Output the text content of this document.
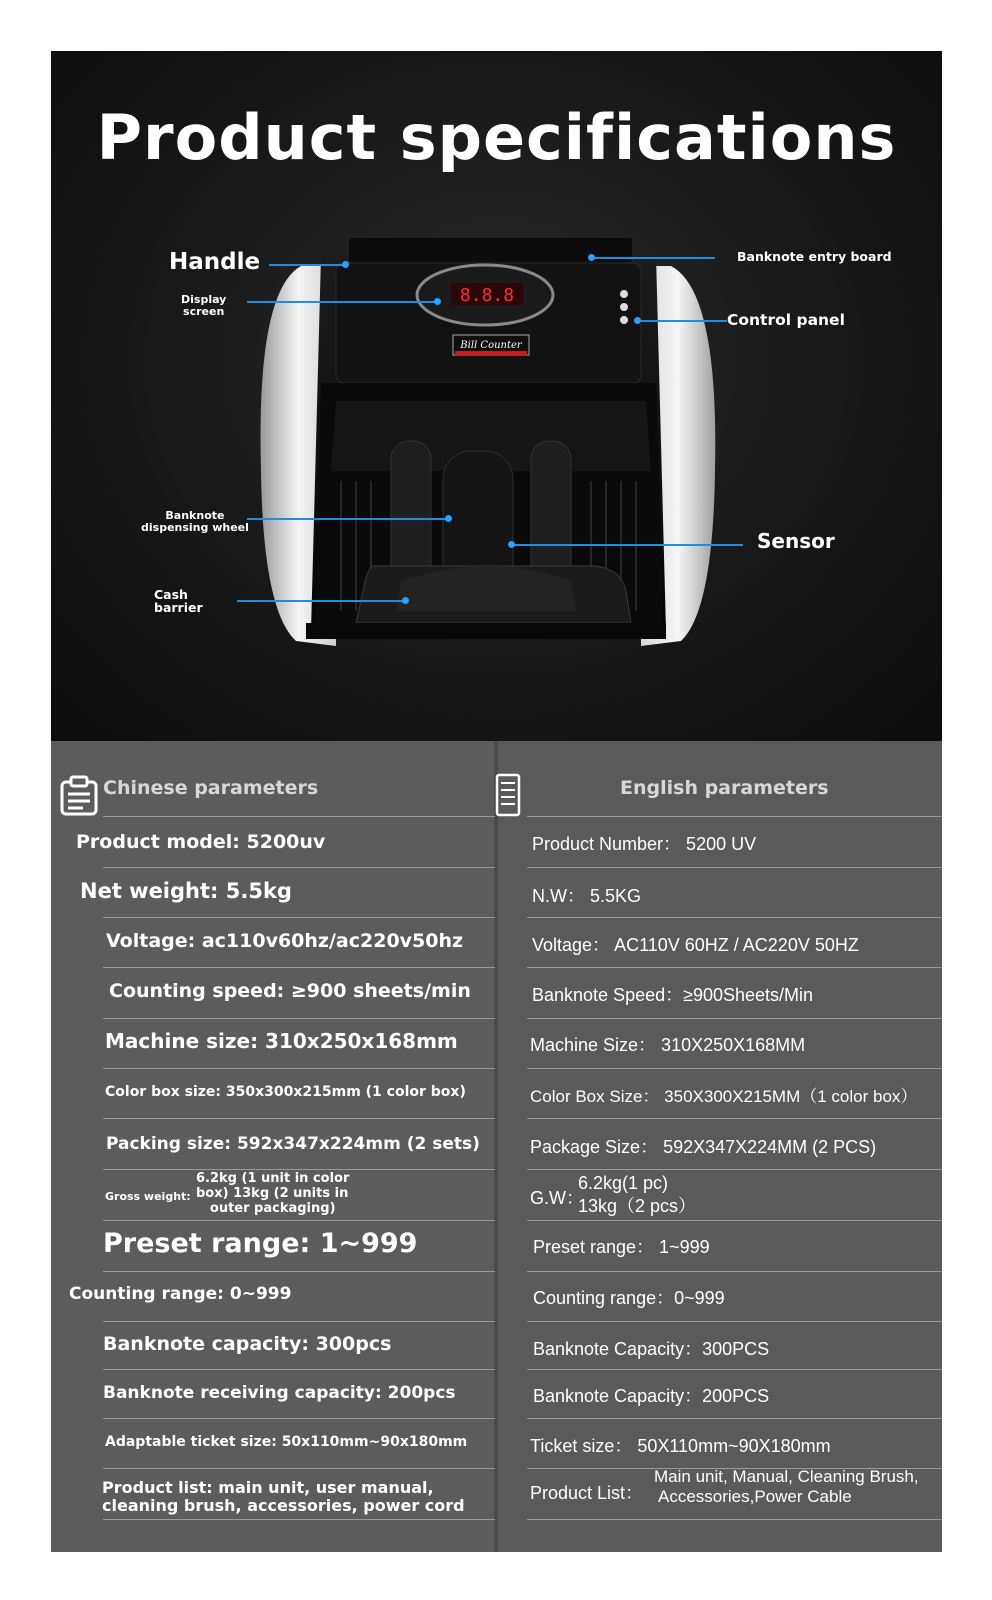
Product specifications
8.8.8
Bill Counter
Handle
Display
screen
Banknote entry board
Control panel
Banknote
dispensing wheel
Sensor
Cash
barrier
Chinese parameters	English parameters
Product model: 5200uv
Net weight: 5.5kg
Voltage: ac110v60hz/ac220v50hz
Counting speed: ≥900 sheets/min
Machine size: 310x250x168mm
Color box size: 350x300x215mm (1 color box)
Packing size: 592x347x224mm (2 sets)
Gross weight:
6.2kg (1 unit in color
box) 13kg (2 units in
outer packaging)
Preset range: 1~999
Counting range: 0~999
Banknote capacity: 300pcs
Banknote receiving capacity: 200pcs
Adaptable ticket size: 50x110mm~90x180mm
Product list: main unit, user manual,
cleaning brush, accessories, power cord
Product Number： 5200 UV
N.W： 5.5KG
Voltage： AC110V 60HZ / AC220V 50HZ
Banknote Speed：≥900Sheets/Min
Machine Size： 310X250X168MM
Color Box Size： 350X300X215MM（1 color box）
Package Size： 592X347X224MM (2 PCS)
G.W：
6.2kg(1 pc)
13kg（2 pcs）
Preset range： 1~999
Counting range：0~999
Banknote Capacity：300PCS
Banknote Capacity：200PCS
Ticket size： 50X110mm~90X180mm
Product List：
Main unit, Manual, Cleaning Brush,
Accessories,Power Cable
